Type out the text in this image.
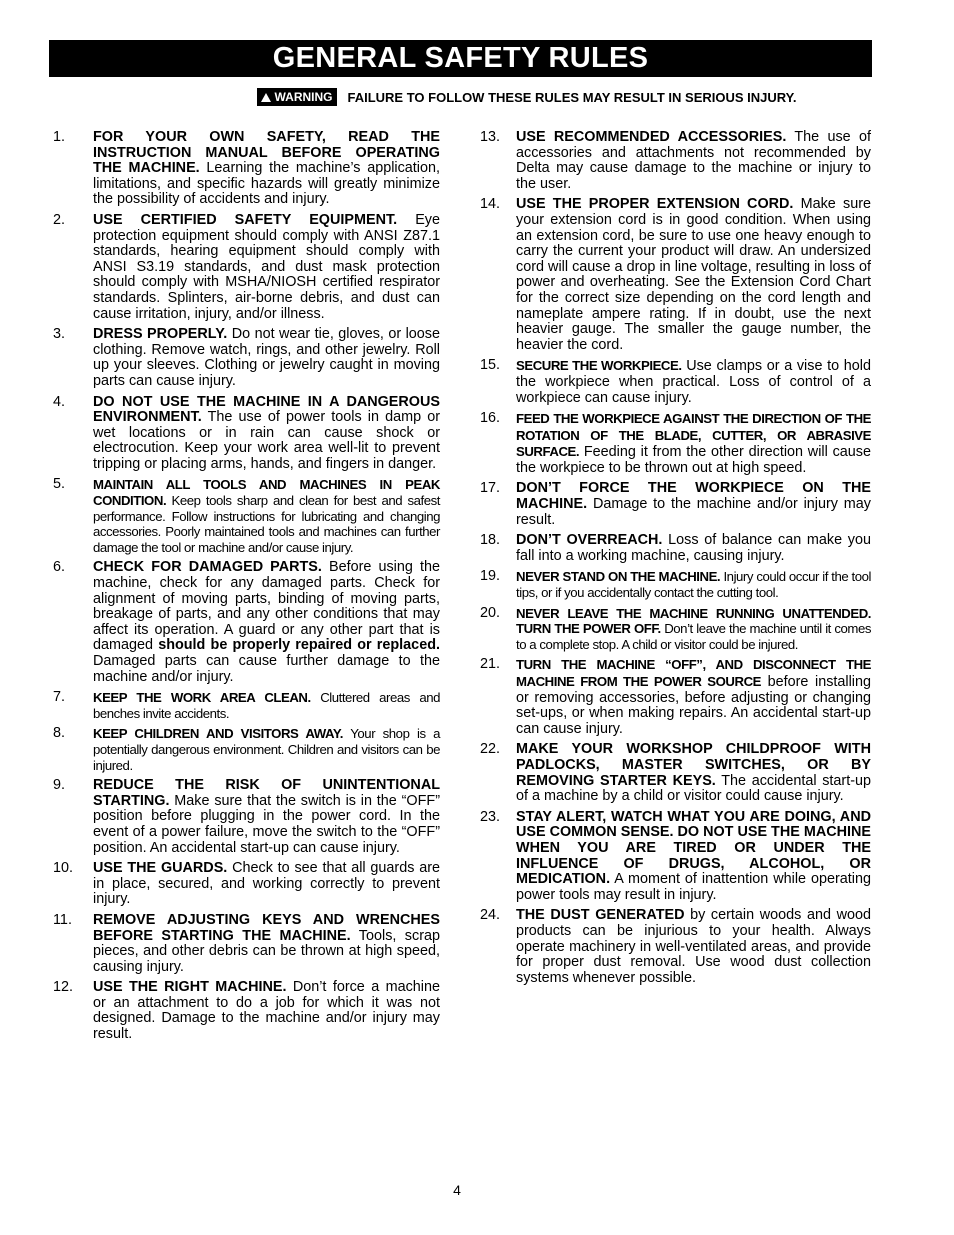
GENERAL SAFETY RULES
WARNING FAILURE TO FOLLOW THESE RULES MAY RESULT IN SERIOUS INJURY.
1.	FOR YOUR OWN SAFETY, READ THE INSTRUCTION MANUAL BEFORE OPERATING THE MACHINE. Learning the machine’s application, limitations, and specific hazards will greatly minimize the possibility of accidents and injury.
2.	USE CERTIFIED SAFETY EQUIPMENT. Eye protection equipment should comply with ANSI Z87.1 standards, hearing equipment should comply with ANSI S3.19 standards, and dust mask protection should comply with MSHA/NIOSH certified respirator standards. Splinters, air-borne debris, and dust can cause irritation, injury, and/or illness.
3.	DRESS PROPERLY. Do not wear tie, gloves, or loose clothing. Remove watch, rings, and other jewelry. Roll up your sleeves. Clothing or jewelry caught in moving parts can cause injury.
4.	DO NOT USE THE MACHINE IN A DANGEROUS ENVIRONMENT. The use of power tools in damp or wet locations or in rain can cause shock or electrocution. Keep your work area well-lit to prevent tripping or placing arms, hands, and fingers in danger.
5.	MAINTAIN ALL TOOLS AND MACHINES IN PEAK CONDITION. Keep tools sharp and clean for best and safest performance. Follow instructions for lubricating and changing accessories. Poorly maintained tools and machines can further damage the tool or machine and/or cause injury.
6.	CHECK FOR DAMAGED PARTS. Before using the machine, check for any damaged parts. Check for alignment of moving parts, binding of moving parts, breakage of parts, and any other conditions that may affect its operation. A guard or any other part that is damaged should be properly repaired or replaced. Damaged parts can cause further damage to the machine and/or injury.
7.	KEEP THE WORK AREA CLEAN. Cluttered areas and benches invite accidents.
8.	KEEP CHILDREN AND VISITORS AWAY. Your shop is a potentially dangerous environment. Children and visitors can be injured.
9.	REDUCE THE RISK OF UNINTENTIONAL STARTING. Make sure that the switch is in the “OFF” position before plugging in the power cord. In the event of a power failure, move the switch to the “OFF” position. An accidental start-up can cause injury.
10.	USE THE GUARDS. Check to see that all guards are in place, secured, and working correctly to prevent injury.
11.	REMOVE ADJUSTING KEYS AND WRENCHES BEFORE STARTING THE MACHINE. Tools, scrap pieces, and other debris can be thrown at high speed, causing injury.
12.	USE THE RIGHT MACHINE. Don’t force a machine or an attachment to do a job for which it was not designed. Damage to the machine and/or injury may result.
13.	USE RECOMMENDED ACCESSORIES. The use of accessories and attachments not recommended by Delta may cause damage to the machine or injury to the user.
14.	USE THE PROPER EXTENSION CORD. Make sure your extension cord is in good condition. When using an extension cord, be sure to use one heavy enough to carry the current your product will draw. An undersized cord will cause a drop in line voltage, resulting in loss of power and overheating. See the Extension Cord Chart for the correct size depending on the cord length and nameplate ampere rating. If in doubt, use the next heavier gauge. The smaller the gauge number, the heavier the cord.
15.	SECURE THE WORKPIECE. Use clamps or a vise to hold the workpiece when practical. Loss of control of a workpiece can cause injury.
16.	FEED THE WORKPIECE AGAINST THE DIRECTION OF THE ROTATION OF THE BLADE, CUTTER, OR ABRASIVE SURFACE. Feeding it from the other direction will cause the workpiece to be thrown out at high speed.
17.	DON’T FORCE THE WORKPIECE ON THE MACHINE. Damage to the machine and/or injury may result.
18.	DON’T OVERREACH. Loss of balance can make you fall into a working machine, causing injury.
19.	NEVER STAND ON THE MACHINE. Injury could occur if the tool tips, or if you accidentally contact the cutting tool.
20.	NEVER LEAVE THE MACHINE RUNNING UNATTENDED. TURN THE POWER OFF. Don’t leave the machine until it comes to a complete stop. A child or visitor could be injured.
21.	TURN THE MACHINE “OFF”, AND DISCONNECT THE MACHINE FROM THE POWER SOURCE before installing or removing accessories, before adjusting or changing set-ups, or when making repairs. An accidental start-up can cause injury.
22.	MAKE YOUR WORKSHOP CHILDPROOF WITH PADLOCKS, MASTER SWITCHES, OR BY REMOVING STARTER KEYS. The accidental start-up of a machine by a child or visitor could cause injury.
23.	STAY ALERT, WATCH WHAT YOU ARE DOING, AND USE COMMON SENSE. DO NOT USE THE MACHINE WHEN YOU ARE TIRED OR UNDER THE INFLUENCE OF DRUGS, ALCOHOL, OR MEDICATION. A moment of inattention while operating power tools may result in injury.
24.	THE DUST GENERATED by certain woods and wood products can be injurious to your health. Always operate machinery in well-ventilated areas, and provide for proper dust removal. Use wood dust collection systems whenever possible.
4
